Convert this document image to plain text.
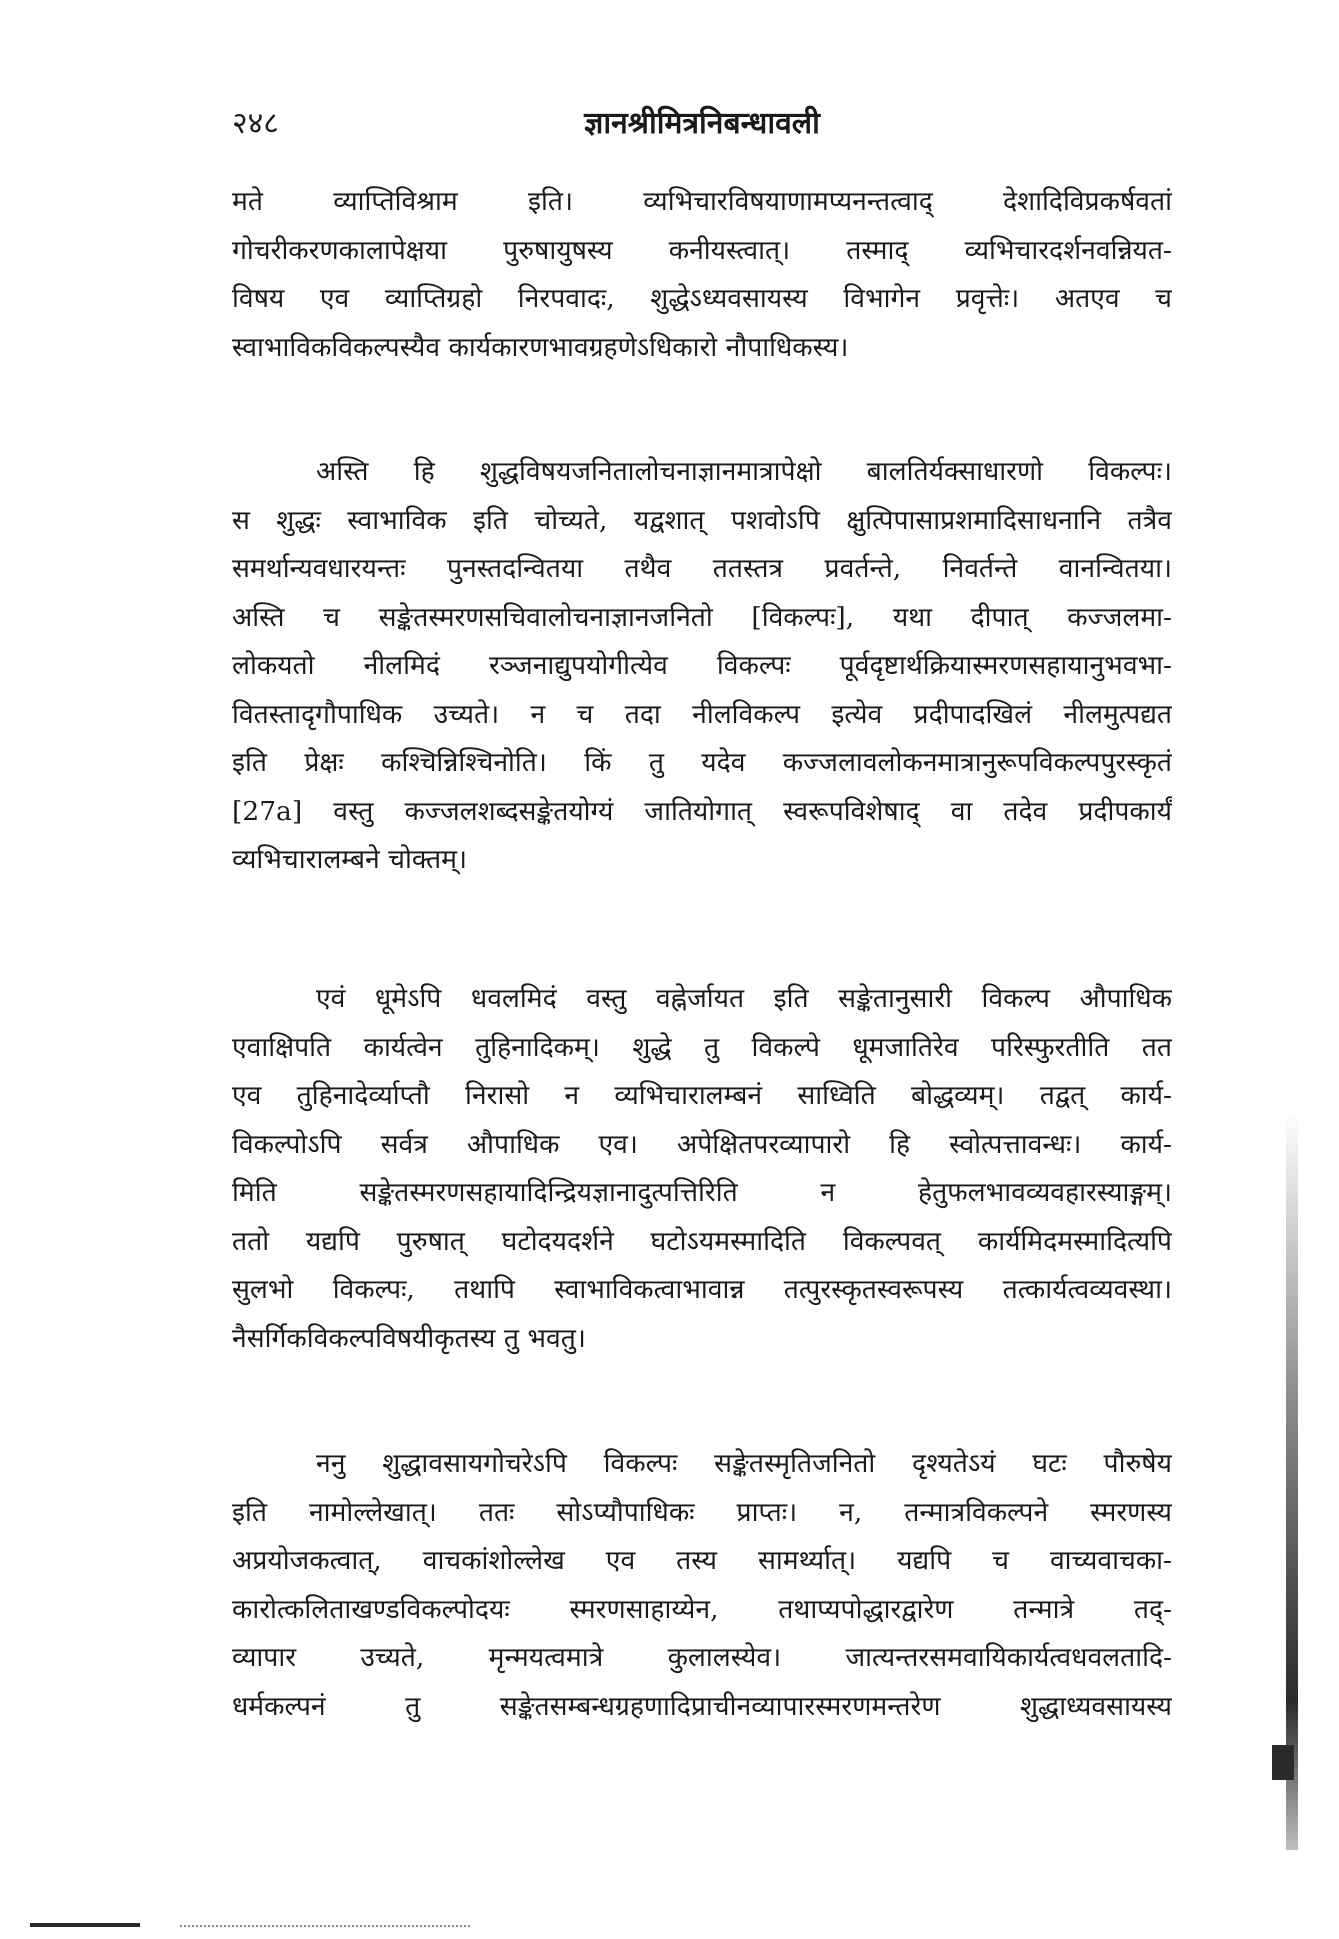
२४८	ज्ञानश्रीमित्रनिबन्धावली

मते व्याप्तिविश्राम इति। व्यभिचारविषयाणामप्यनन्तत्वाद् देशादिविप्रकर्षवतां
गोचरीकरणकालापेक्षया पुरुषायुषस्य कनीयस्त्वात्। तस्माद् व्यभिचारदर्शनवन्नियत-
विषय एव व्याप्तिग्रहो निरपवादः, शुद्धेऽध्यवसायस्य विभागेन प्रवृत्तेः। अतएव च
स्वाभाविकविकल्पस्यैव कार्यकारणभावग्रहणेऽधिकारो नौपाधिकस्य।

अस्ति हि शुद्धविषयजनितालोचनाज्ञानमात्रापेक्षो बालतिर्यक्साधारणो विकल्पः।
स शुद्धः स्वाभाविक इति चोच्यते, यद्वशात् पशवोऽपि क्षुत्पिपासाप्रशमादिसाधनानि तत्रैव
समर्थान्यवधारयन्तः पुनस्तदन्वितया तथैव ततस्तत्र प्रवर्तन्ते, निवर्तन्ते वानन्वितया।
अस्ति च सङ्केतस्मरणसचिवालोचनाज्ञानजनितो [विकल्पः], यथा दीपात् कज्जलमा-
लोकयतो नीलमिदं रञ्जनाद्युपयोगीत्येव विकल्पः पूर्वदृष्टार्थक्रियास्मरणसहायानुभवभा-
वितस्तादृगौपाधिक उच्यते। न च तदा नीलविकल्प इत्येव प्रदीपादखिलं नीलमुत्पद्यत
इति प्रेक्षः कश्चिन्निश्चिनोति। किं तु यदेव कज्जलावलोकनमात्रानुरूपविकल्पपुरस्कृतं
[27a] वस्तु कज्जलशब्दसङ्केतयोग्यं जातियोगात् स्वरूपविशेषाद् वा तदेव प्रदीपकार्यं
व्यभिचारालम्बने चोक्तम्।

एवं धूमेऽपि धवलमिदं वस्तु वह्नेर्जायत इति सङ्केतानुसारी विकल्प औपाधिक
एवाक्षिपति कार्यत्वेन तुहिनादिकम्। शुद्धे तु विकल्पे धूमजातिरेव परिस्फुरतीति तत
एव तुहिनादेर्व्याप्तौ निरासो न व्यभिचारालम्बनं साध्विति बोद्धव्यम्। तद्वत् कार्य-
विकल्पोऽपि सर्वत्र औपाधिक एव। अपेक्षितपरव्यापारो हि स्वोत्पत्तावन्धः। कार्य-
मिति सङ्केतस्मरणसहायादिन्द्रियज्ञानादुत्पत्तिरिति न हेतुफलभावव्यवहारस्याङ्गम्।
ततो यद्यपि पुरुषात् घटोदयदर्शने घटोऽयमस्मादिति विकल्पवत् कार्यमिदमस्मादित्यपि
सुलभो विकल्पः, तथापि स्वाभाविकत्वाभावान्न तत्पुरस्कृतस्वरूपस्य तत्कार्यत्वव्यवस्था।
नैसर्गिकविकल्पविषयीकृतस्य तु भवतु।

ननु शुद्धावसायगोचरेऽपि विकल्पः सङ्केतस्मृतिजनितो दृश्यतेऽयं घटः पौरुषेय
इति नामोल्लेखात्। ततः सोऽप्यौपाधिकः प्राप्तः। न, तन्मात्रविकल्पने स्मरणस्य
अप्रयोजकत्वात्, वाचकांशोल्लेख एव तस्य सामर्थ्यात्। यद्यपि च वाच्यवाचका-
कारोत्कलिताखण्डविकल्पोदयः स्मरणसाहाय्येन, तथाप्यपोद्धारद्वारेण तन्मात्रे तद्-
व्यापार उच्यते, मृन्मयत्वमात्रे कुलालस्येव। जात्यन्तरसमवायिकार्यत्वधवलतादि-
धर्मकल्पनं तु सङ्केतसम्बन्धग्रहणादिप्राचीनव्यापारस्मरणमन्तरेण शुद्धाध्यवसायस्य
